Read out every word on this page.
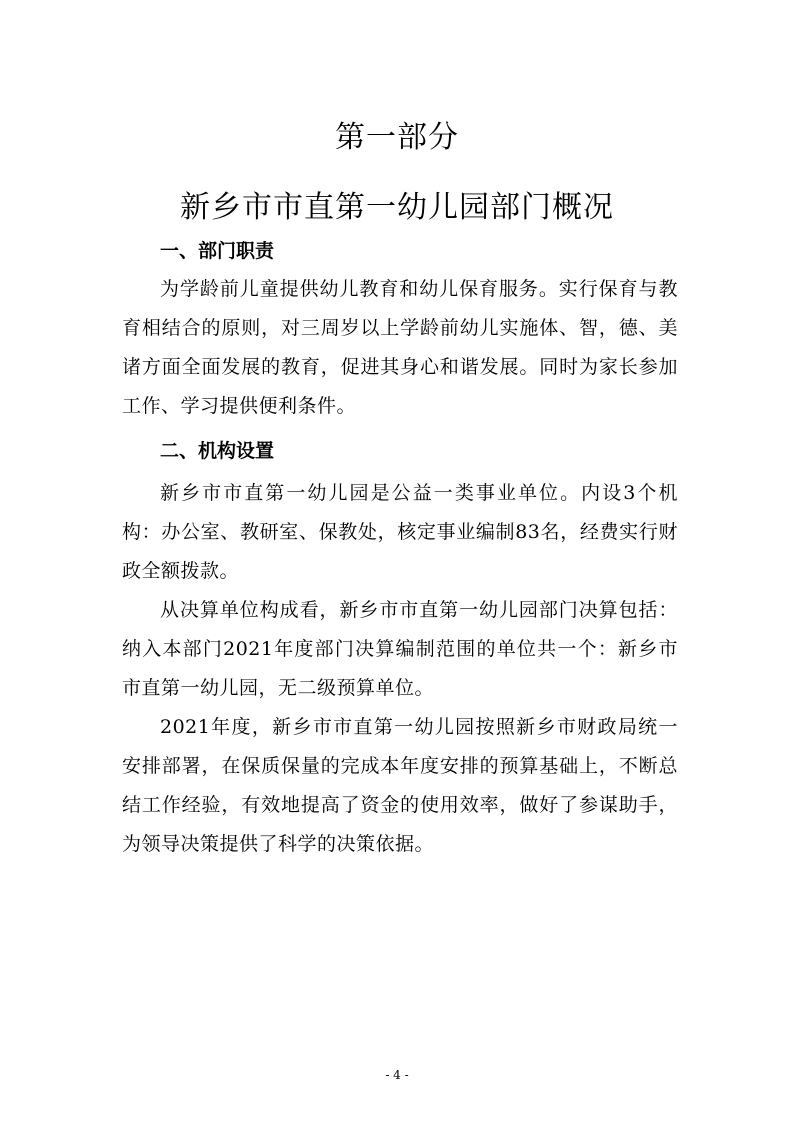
第一部分
新乡市市直第一幼儿园部门概况
一、部门职责

为学龄前儿童提供幼儿教育和幼儿保育服务。实行保育与教育相结合的原则，对三周岁以上学龄前幼儿实施体、智，德、美诸方面全面发展的教育，促进其身心和谐发展。同时为家长参加工作、学习提供便利条件。

二、机构设置

新乡市市直第一幼儿园是公益一类事业单位。内设3个机构：办公室、教研室、保教处，核定事业编制83名，经费实行财政全额拨款。

从决算单位构成看，新乡市市直第一幼儿园部门决算包括：纳入本部门2021年度部门决算编制范围的单位共一个：新乡市市直第一幼儿园，无二级预算单位。

2021年度，新乡市市直第一幼儿园按照新乡市财政局统一安排部署，在保质保量的完成本年度安排的预算基础上，不断总结工作经验，有效地提高了资金的使用效率，做好了参谋助手，为领导决策提供了科学的决策依据。

- 4 -
